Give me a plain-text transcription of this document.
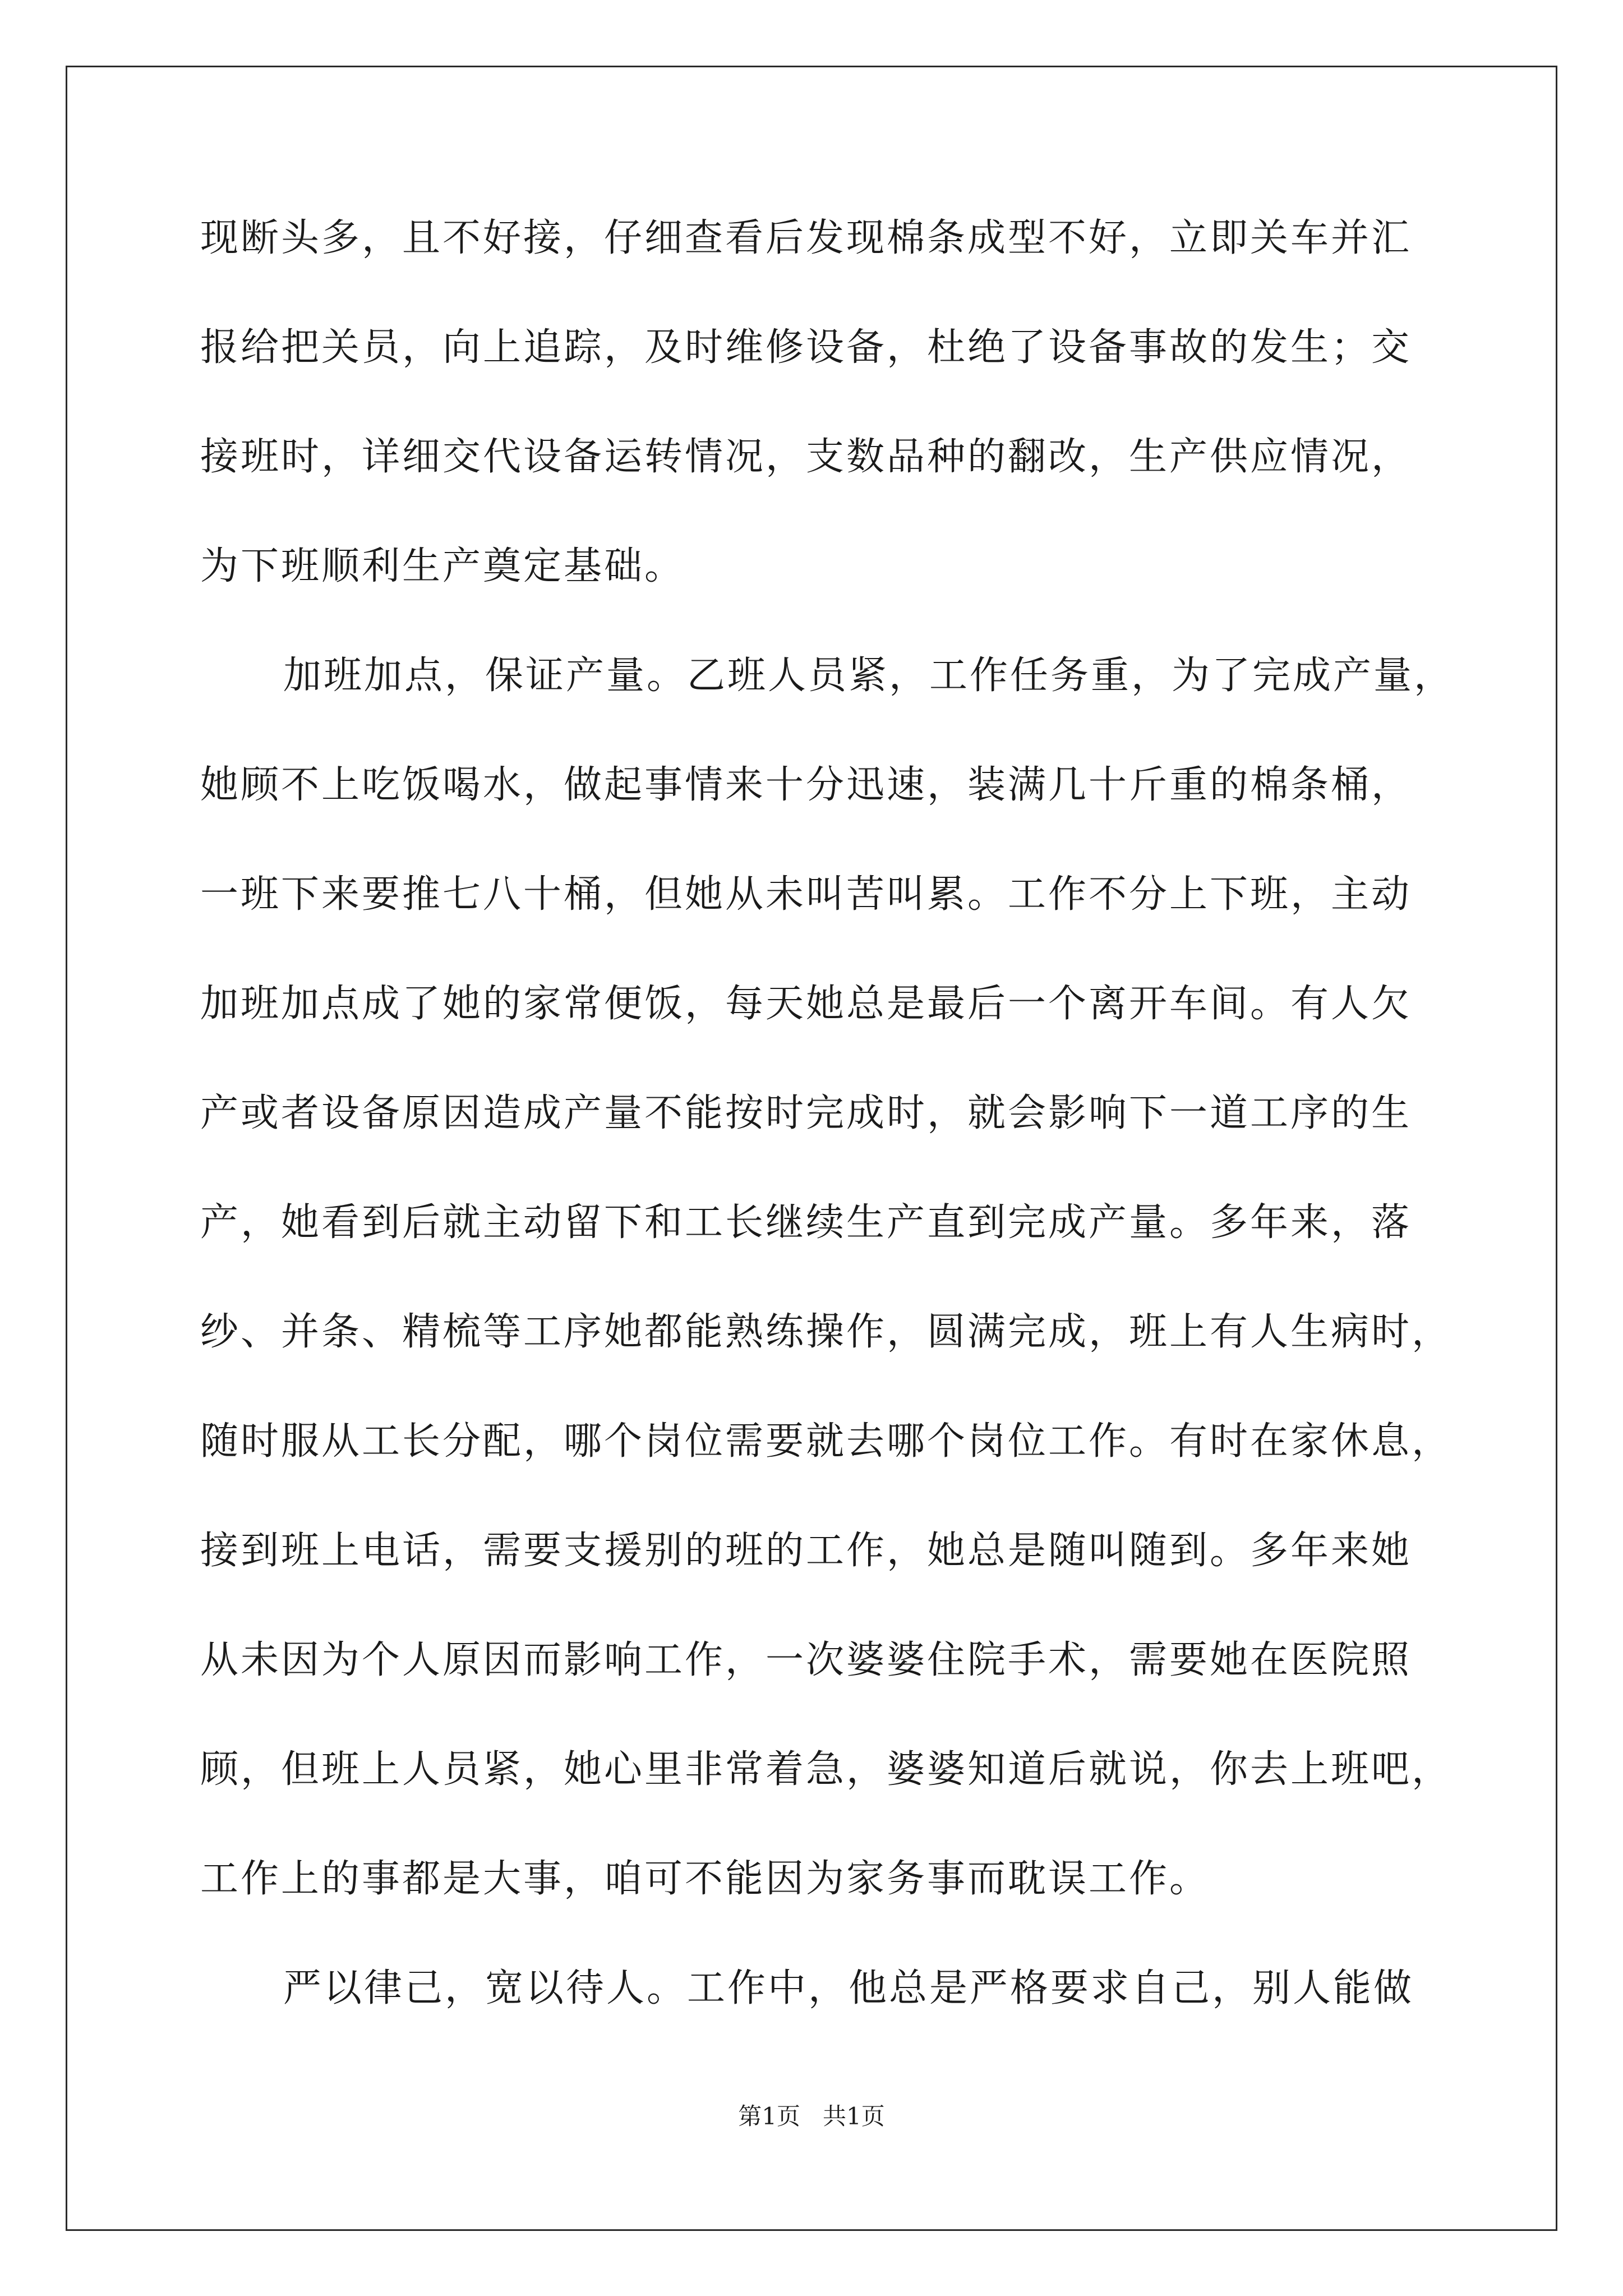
现断头多，且不好接，仔细查看后发现棉条成型不好，立即关车并汇
报给把关员，向上追踪，及时维修设备，杜绝了设备事故的发生；交
接班时，详细交代设备运转情况，支数品种的翻改，生产供应情况，
为下班顺利生产奠定基础。
加班加点，保证产量。乙班人员紧，工作任务重，为了完成产量，
她顾不上吃饭喝水，做起事情来十分迅速，装满几十斤重的棉条桶，
一班下来要推七八十桶，但她从未叫苦叫累。工作不分上下班，主动
加班加点成了她的家常便饭，每天她总是最后一个离开车间。有人欠
产或者设备原因造成产量不能按时完成时，就会影响下一道工序的生
产，她看到后就主动留下和工长继续生产直到完成产量。多年来，落
纱、并条、精梳等工序她都能熟练操作，圆满完成，班上有人生病时，
随时服从工长分配，哪个岗位需要就去哪个岗位工作。有时在家休息，
接到班上电话，需要支援别的班的工作，她总是随叫随到。多年来她
从未因为个人原因而影响工作，一次婆婆住院手术，需要她在医院照
顾，但班上人员紧，她心里非常着急，婆婆知道后就说，你去上班吧，
工作上的事都是大事，咱可不能因为家务事而耽误工作。
严以律己，宽以待人。工作中，他总是严格要求自己，别人能做
第1页   共1页
